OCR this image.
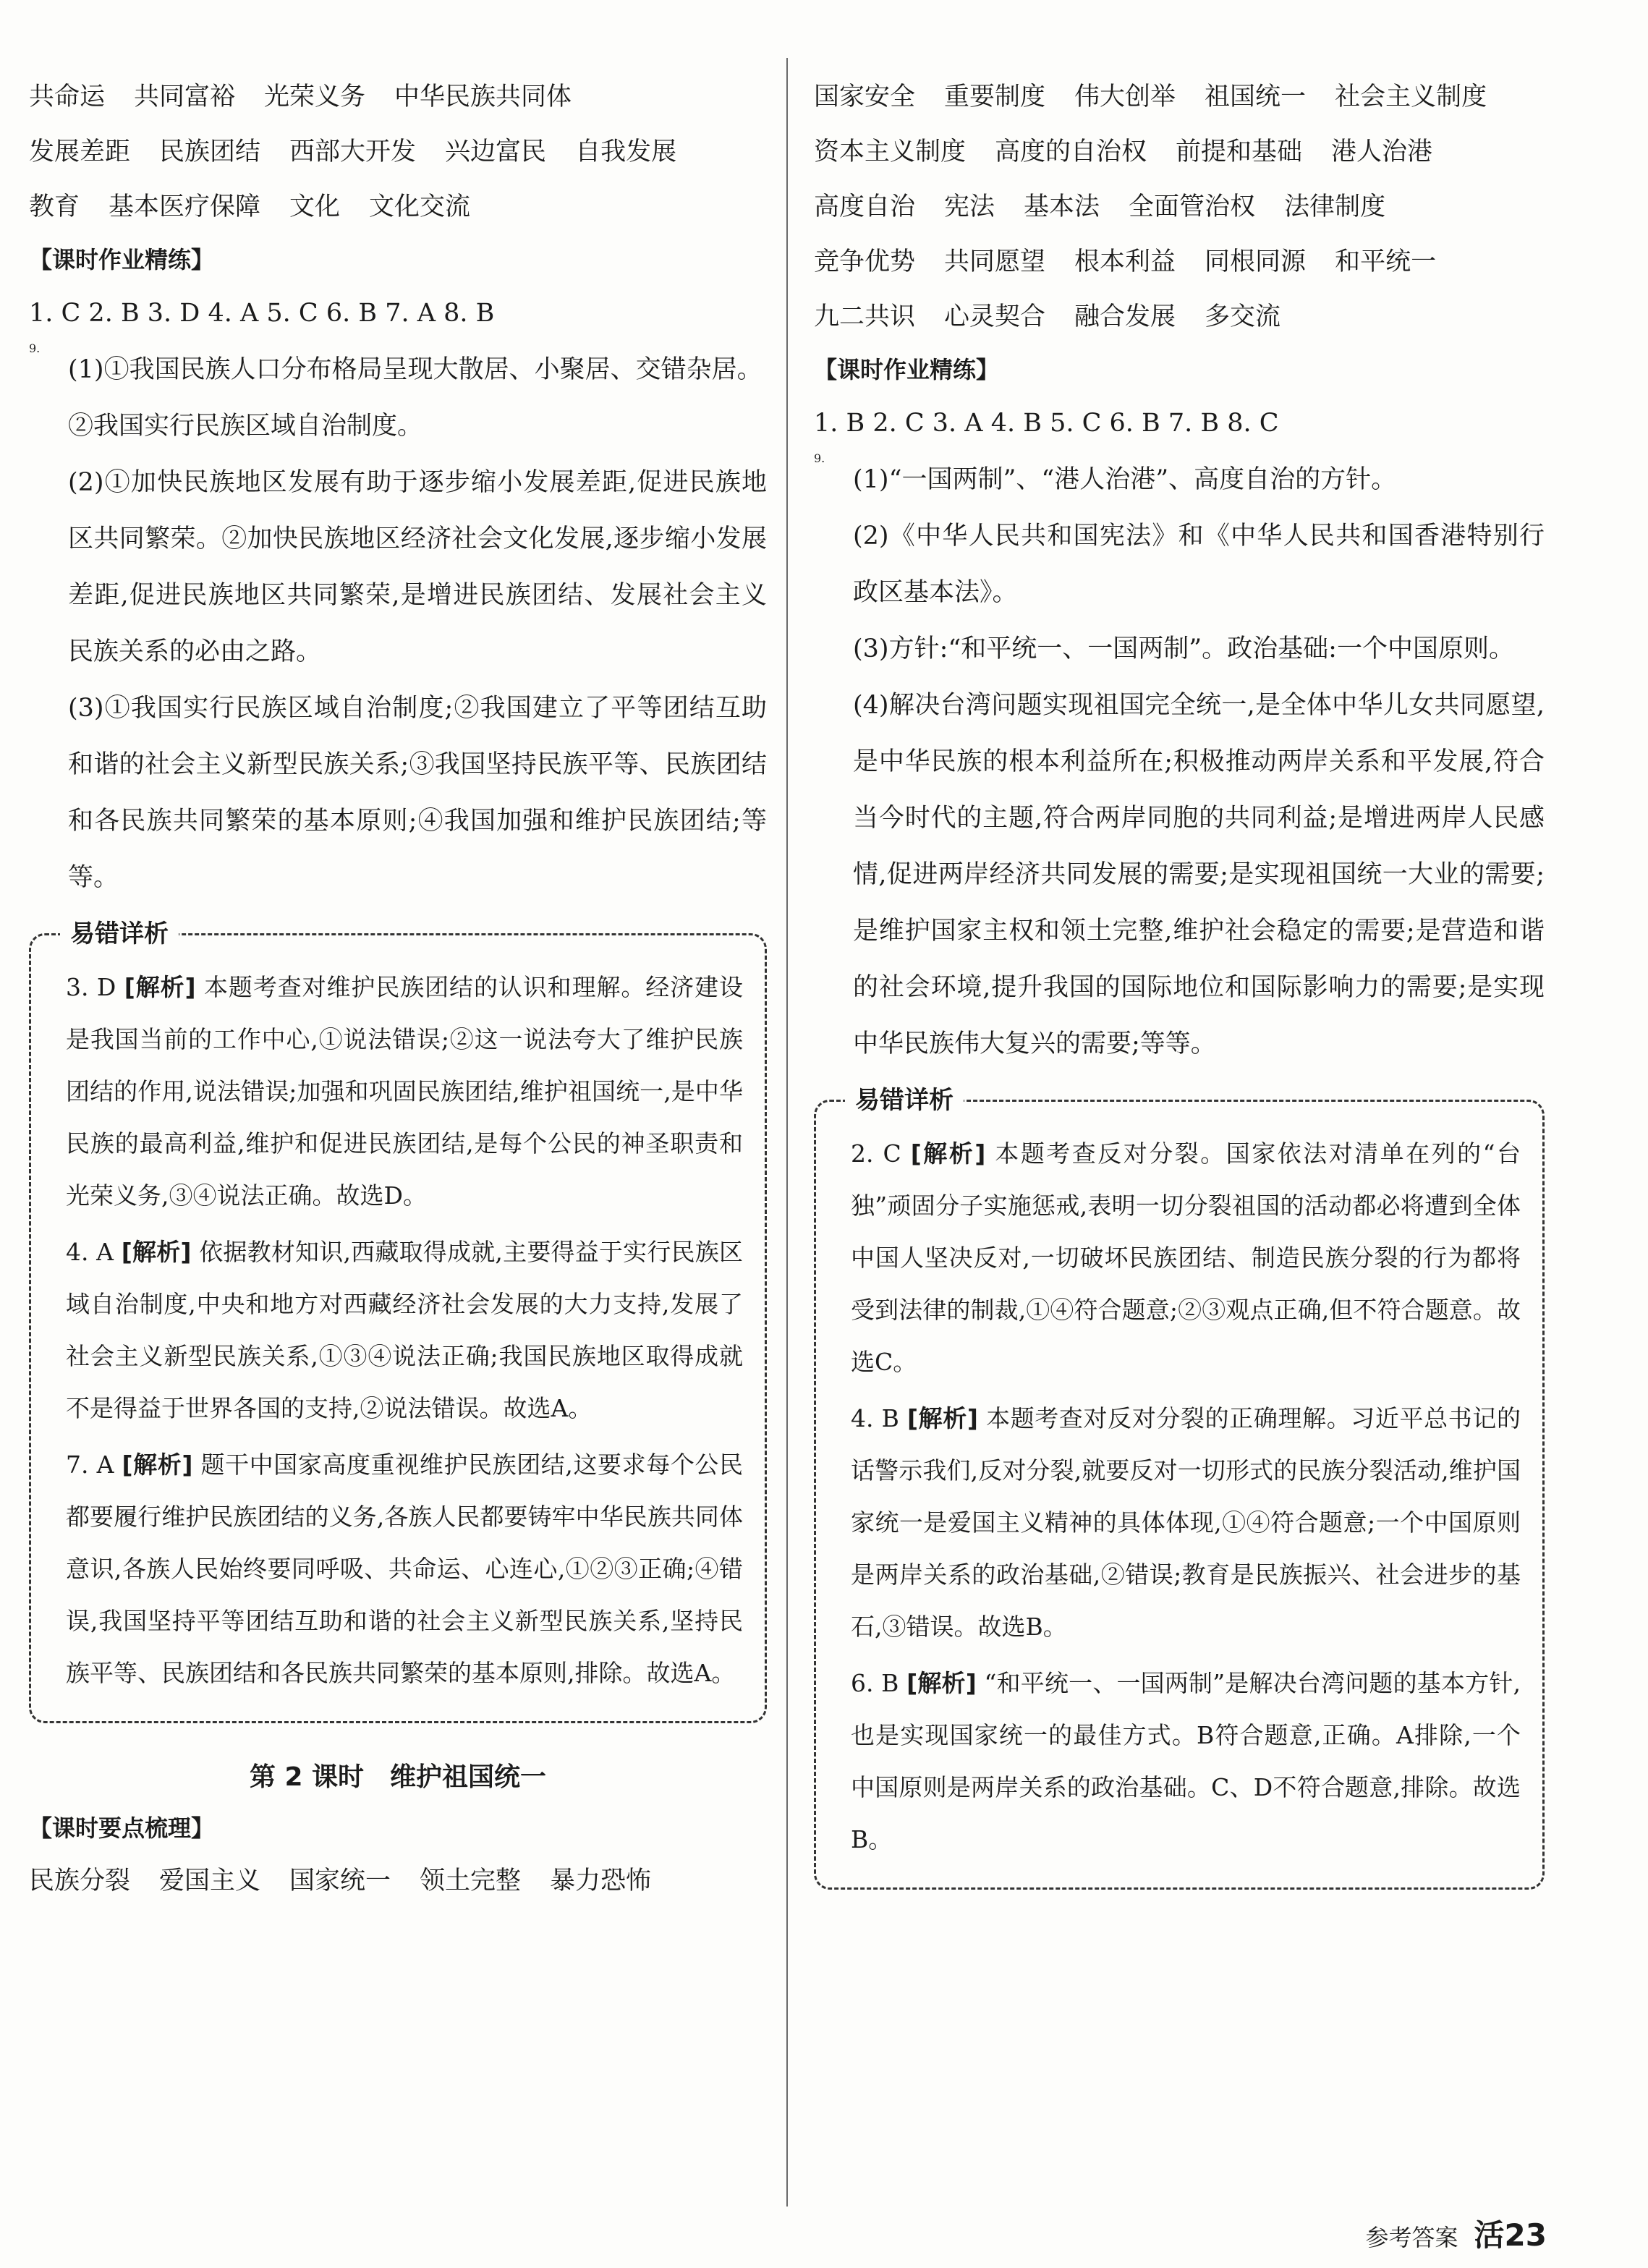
共命运 共同富裕 光荣义务 中华民族共同体
发展差距 民族团结 西部大开发 兴边富民 自我发展
教育 基本医疗保障 文化 文化交流
【课时作业精练】
1. C 2. B 3. D 4. A 5. C 6. B 7. A 8. B
9.

(1)①我国民族人口分布格局呈现大散居、小聚居、交错杂居。

②我国实行民族区域自治制度。

(2)①加快民族地区发展有助于逐步缩小发展差距,促进民族地区共同繁荣。②加快民族地区经济社会文化发展,逐步缩小发展差距,促进民族地区共同繁荣,是增进民族团结、发展社会主义民族关系的必由之路。

(3)①我国实行民族区域自治制度;②我国建立了平等团结互助和谐的社会主义新型民族关系;③我国坚持民族平等、民族团结和各民族共同繁荣的基本原则;④我国加强和维护民族团结;等等。

易错详析

3. D [解析] 本题考查对维护民族团结的认识和理解。经济建设是我国当前的工作中心,①说法错误;②这一说法夸大了维护民族团结的作用,说法错误;加强和巩固民族团结,维护祖国统一,是中华民族的最高利益,维护和促进民族团结,是每个公民的神圣职责和光荣义务,③④说法正确。故选D。

4. A [解析] 依据教材知识,西藏取得成就,主要得益于实行民族区域自治制度,中央和地方对西藏经济社会发展的大力支持,发展了社会主义新型民族关系,①③④说法正确;我国民族地区取得成就不是得益于世界各国的支持,②说法错误。故选A。

7. A [解析] 题干中国家高度重视维护民族团结,这要求每个公民都要履行维护民族团结的义务,各族人民都要铸牢中华民族共同体意识,各族人民始终要同呼吸、共命运、心连心,①②③正确;④错误,我国坚持平等团结互助和谐的社会主义新型民族关系,坚持民族平等、民族团结和各民族共同繁荣的基本原则,排除。故选A。

第 2 课时　维护祖国统一
【课时要点梳理】
民族分裂 爱国主义 国家统一 领土完整 暴力恐怖
国家安全 重要制度 伟大创举 祖国统一 社会主义制度
资本主义制度 高度的自治权 前提和基础 港人治港
高度自治 宪法 基本法 全面管治权 法律制度
竞争优势 共同愿望 根本利益 同根同源 和平统一
九二共识 心灵契合 融合发展 多交流
【课时作业精练】
1. B 2. C 3. A 4. B 5. C 6. B 7. B 8. C
9.

(1)“一国两制”、“港人治港”、高度自治的方针。

(2)《中华人民共和国宪法》和《中华人民共和国香港特别行政区基本法》。

(3)方针:“和平统一、一国两制”。政治基础:一个中国原则。

(4)解决台湾问题实现祖国完全统一,是全体中华儿女共同愿望,是中华民族的根本利益所在;积极推动两岸关系和平发展,符合当今时代的主题,符合两岸同胞的共同利益;是增进两岸人民感情,促进两岸经济共同发展的需要;是实现祖国统一大业的需要;是维护国家主权和领土完整,维护社会稳定的需要;是营造和谐的社会环境,提升我国的国际地位和国际影响力的需要;是实现中华民族伟大复兴的需要;等等。

易错详析

2. C [解析] 本题考查反对分裂。国家依法对清单在列的“台独”顽固分子实施惩戒,表明一切分裂祖国的活动都必将遭到全体中国人坚决反对,一切破坏民族团结、制造民族分裂的行为都将受到法律的制裁,①④符合题意;②③观点正确,但不符合题意。故选C。

4. B [解析] 本题考查对反对分裂的正确理解。习近平总书记的话警示我们,反对分裂,就要反对一切形式的民族分裂活动,维护国家统一是爱国主义精神的具体体现,①④符合题意;一个中国原则是两岸关系的政治基础,②错误;教育是民族振兴、社会进步的基石,③错误。故选B。

6. B [解析] “和平统一、一国两制”是解决台湾问题的基本方针,也是实现国家统一的最佳方式。B符合题意,正确。A排除,一个中国原则是两岸关系的政治基础。C、D不符合题意,排除。故选B。

参考答案 活23
